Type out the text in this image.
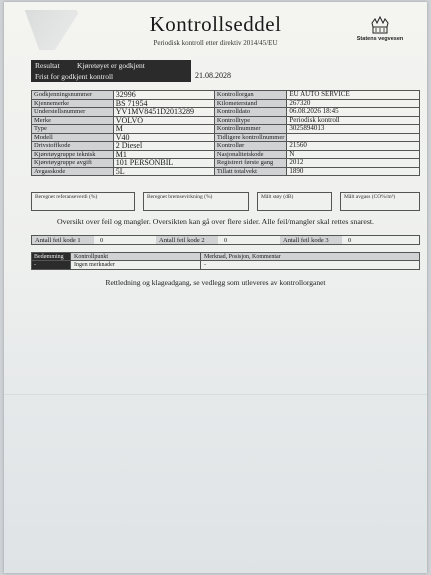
Kontrollseddel
Periodisk kontroll etter direktiv 2014/45/EU	Statens vegvesen
Resultat	Kjøretøyet er godkjent
Frist for godkjent kontroll	21.08.2028
Godkjenningsnummer	32996	Kontrollorgan	EU AUTO SERVICE
Kjennemerke	BS 71954	Kilometerstand	267320
Understellsnummer	YV1MV8451D2013289	Kontrolldato	06.08.2026 18:45
Merke	VOLVO	Kontrolltype	Periodisk kontroll
Type	M	Kontrollnummer	3025894013
Modell	V40	Tidligere kontrollnummer	
Drivstoffkode	2 Diesel	Kontrollør	21560
Kjøretøygruppe teknisk	M1	Nasjonalitetskode	N
Kjøretøygruppe avgift	101 PERSONBIL	Registrert første gang	2012
Avgasskode	5L	Tillatt totalvekt	1890
Beregnet referanseverdi (%)	Beregnet bremsevirkning (%)	Målt støy (dB)	Målt avgass (CO%/m³)
Oversikt over feil og mangler. Oversikten kan gå over flere sider. Alle feil/mangler skal rettes snarest.
Antall feil kode 1	0	Antall feil kode 2	0	Antall feil kode 3	0
Bedømming	Kontrollpunkt	Merknad, Posisjon, Kommentar
-	Ingen merknader	-
Rettledning og klageadgang, se vedlegg som utleveres av kontrollorganet
